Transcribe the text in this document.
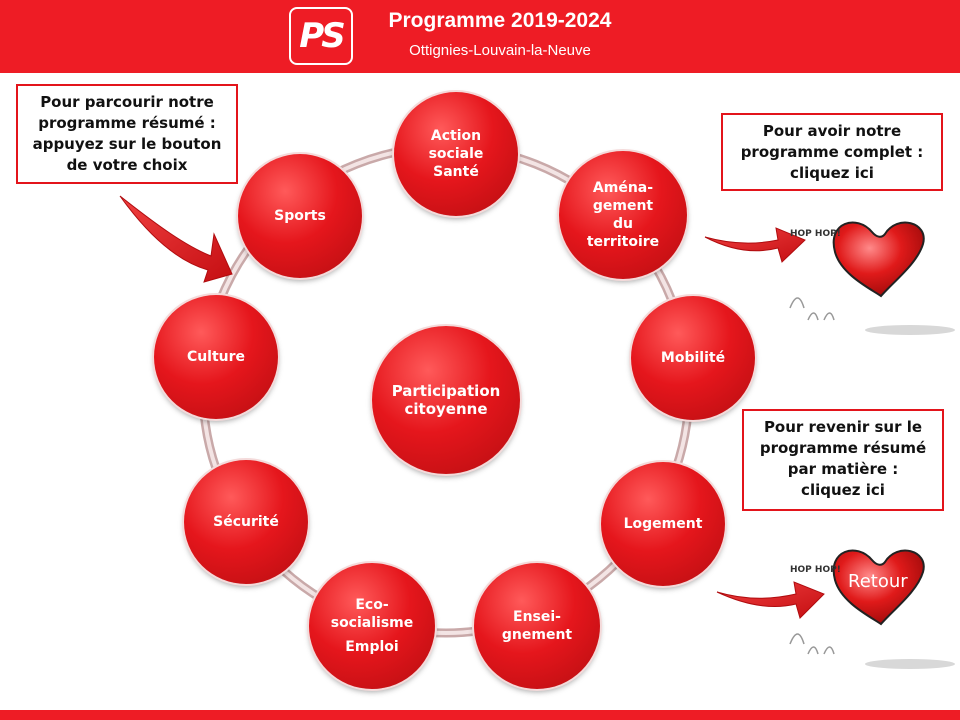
PS	Programme 2019-2024
Ottignies-Louvain-la-Neuve
Action
sociale
Santé
Aména-
gement
du
territoire
Mobilité
Logement
Ensei-
gnement
Eco-
socialisme
Emploi
Sécurité
Culture
Sports
Participation
citoyenne
Pour parcourir notre
programme résumé :
appuyez sur le bouton
de votre choix
Pour avoir notre
programme complet :
cliquez ici
Pour revenir sur le
programme résumé
par matière :
cliquez ici
HOP HOP!
HOP HOP!
Retour
